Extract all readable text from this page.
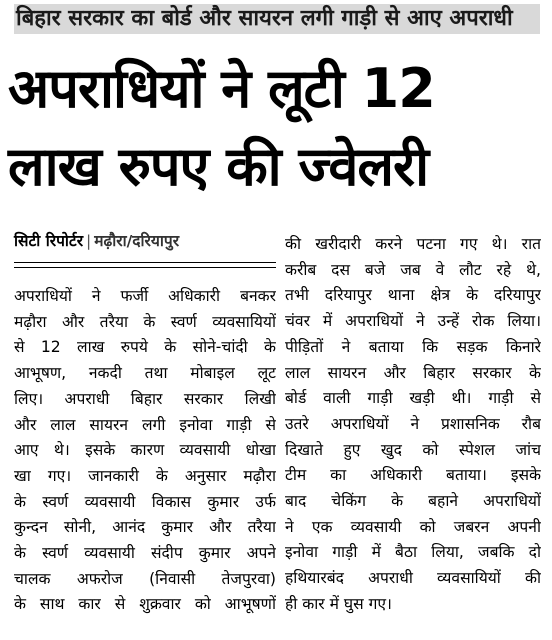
बिहार सरकार का बोर्ड और सायरन लगी गाड़ी से आए अपराधी
अपराधियों ने लूटी 12
लाख रुपए की ज्वेलरी
सिटी रिपोर्टर | मढ़ौरा/दरियापुर
अपराधियों ने फर्जी अधिकारी बनकर
मढ़ौरा और तरैया के स्वर्ण व्यवसायियों
से 12 लाख रुपये के सोने-चांदी के
आभूषण, नकदी तथा मोबाइल लूट
लिए। अपराधी बिहार सरकार लिखी
और लाल सायरन लगी इनोवा गाड़ी से
आए थे। इसके कारण व्यवसायी धोखा
खा गए। जानकारी के अनुसार मढ़ौरा
के स्वर्ण व्यवसायी विकास कुमार उर्फ
कुन्दन सोनी, आनंद कुमार और तरैया
के स्वर्ण व्यवसायी संदीप कुमार अपने
चालक अफरोज (निवासी तेजपुरवा)
के साथ कार से शुक्रवार को आभूषणों
की खरीदारी करने पटना गए थे। रात
करीब दस बजे जब वे लौट रहे थे,
तभी दरियापुर थाना क्षेत्र के दरियापुर
चंवर में अपराधियों ने उन्हें रोक लिया।
पीड़ितों ने बताया कि सड़क किनारे
लाल सायरन और बिहार सरकार के
बोर्ड वाली गाड़ी खड़ी थी। गाड़ी से
उतरे अपराधियों ने प्रशासनिक रौब
दिखाते हुए खुद को स्पेशल जांच
टीम का अधिकारी बताया। इसके
बाद चेकिंग के बहाने अपराधियों
ने एक व्यवसायी को जबरन अपनी
इनोवा गाड़ी में बैठा लिया, जबकि दो
हथियारबंद अपराधी व्यवसायियों की
ही कार में घुस गए।
